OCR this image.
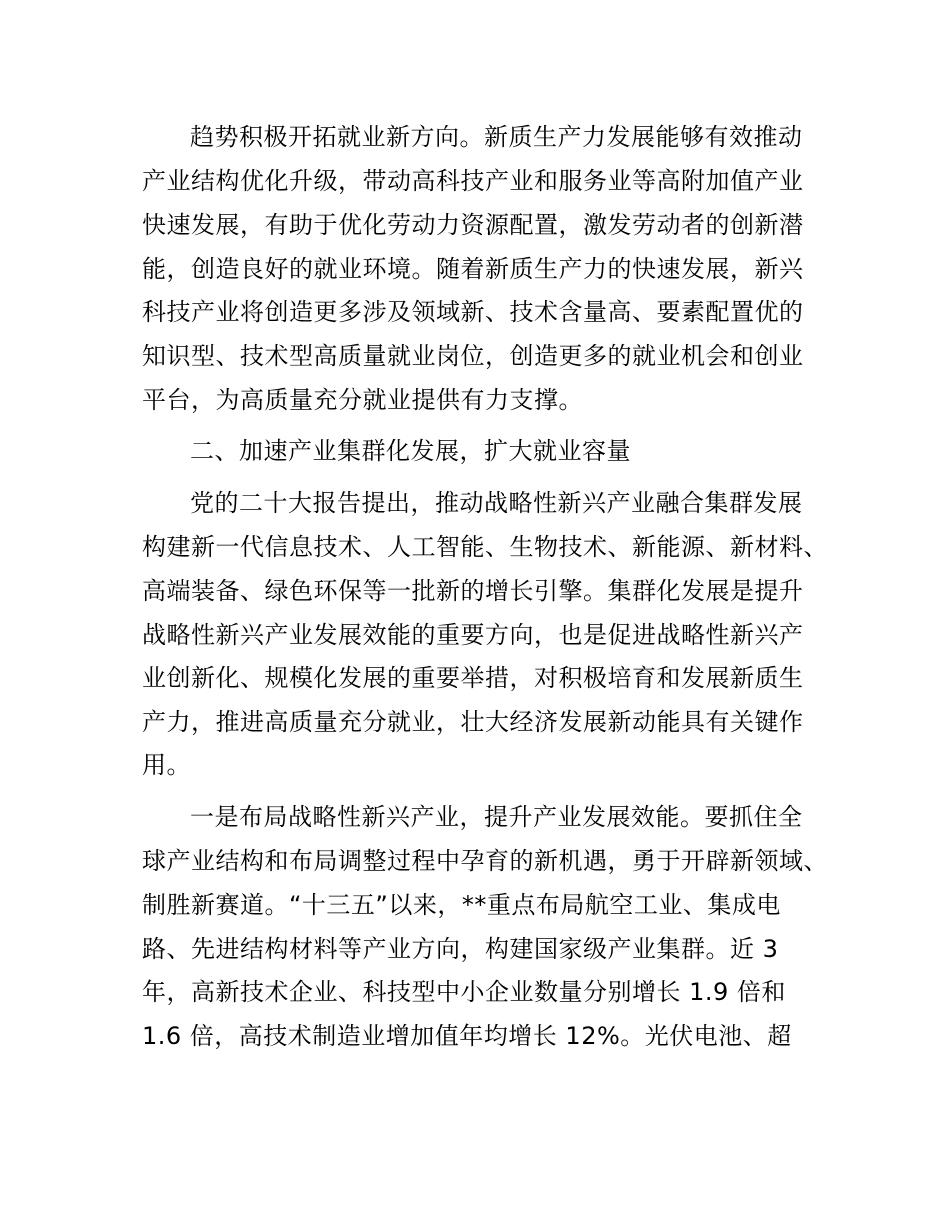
趋势积极开拓就业新方向。新质生产力发展能够有效推动
产业结构优化升级，带动高科技产业和服务业等高附加值产业
快速发展，有助于优化劳动力资源配置，激发劳动者的创新潜
能，创造良好的就业环境。随着新质生产力的快速发展，新兴
科技产业将创造更多涉及领域新、技术含量高、要素配置优的
知识型、技术型高质量就业岗位，创造更多的就业机会和创业
平台，为高质量充分就业提供有力支撑。
二、加速产业集群化发展，扩大就业容量
党的二十大报告提出，推动战略性新兴产业融合集群发展
构建新一代信息技术、人工智能、生物技术、新能源、新材料、
高端装备、绿色环保等一批新的增长引擎。集群化发展是提升
战略性新兴产业发展效能的重要方向，也是促进战略性新兴产
业创新化、规模化发展的重要举措，对积极培育和发展新质生
产力，推进高质量充分就业，壮大经济发展新动能具有关键作
用。
一是布局战略性新兴产业，提升产业发展效能。要抓住全
球产业结构和布局调整过程中孕育的新机遇，勇于开辟新领域、
制胜新赛道。“十三五”以来，**重点布局航空工业、集成电
路、先进结构材料等产业方向，构建国家级产业集群。近 3
年，高新技术企业、科技型中小企业数量分别增长 1.9 倍和
1.6 倍，高技术制造业增加值年均增长 12%。光伏电池、超
